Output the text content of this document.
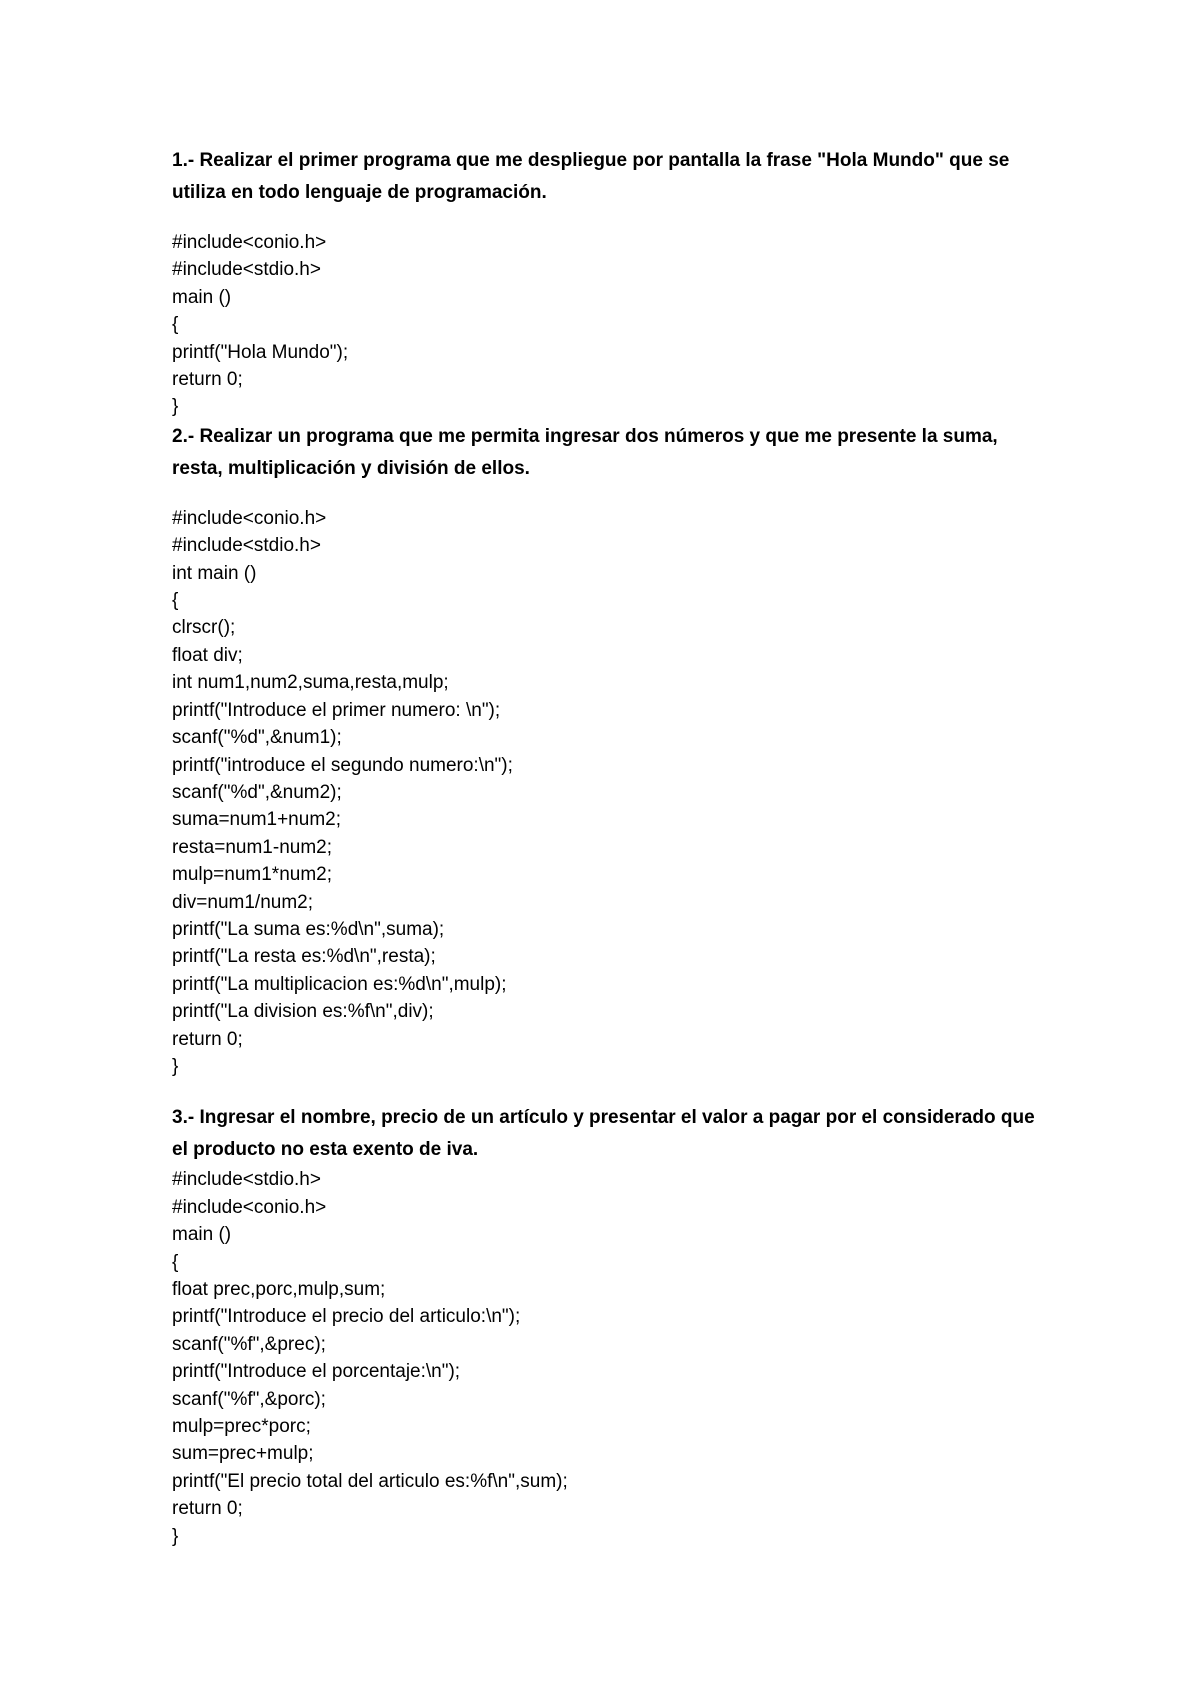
1.- Realizar el primer programa que me despliegue por pantalla la frase "Hola Mundo" que se utiliza en todo lenguaje de programación.

#include<conio.h>
#include<stdio.h>
main ()
{
printf("Hola Mundo");
return 0;
}

2.- Realizar un programa que me permita ingresar dos números y que me presente la suma, resta, multiplicación y división de ellos.

#include<conio.h>
#include<stdio.h>
int main ()
{
clrscr();
float div;
int num1,num2,suma,resta,mulp;
printf("Introduce el primer numero: \n");
scanf("%d",&num1);
printf("introduce el segundo numero:\n");
scanf("%d",&num2);
suma=num1+num2;
resta=num1-num2;
mulp=num1*num2;
div=num1/num2;
printf("La suma es:%d\n",suma);
printf("La resta es:%d\n",resta);
printf("La multiplicacion es:%d\n",mulp);
printf("La division es:%f\n",div);
return 0;
}

3.- Ingresar el nombre, precio de un artículo y presentar el valor a pagar por el considerado que el producto no esta exento de iva.

#include<stdio.h>
#include<conio.h>
main ()
{
float prec,porc,mulp,sum;
printf("Introduce el precio del articulo:\n");
scanf("%f",&prec);
printf("Introduce el porcentaje:\n");
scanf("%f",&porc);
mulp=prec*porc;
sum=prec+mulp;
printf("El precio total del articulo es:%f\n",sum);
return 0;
}
